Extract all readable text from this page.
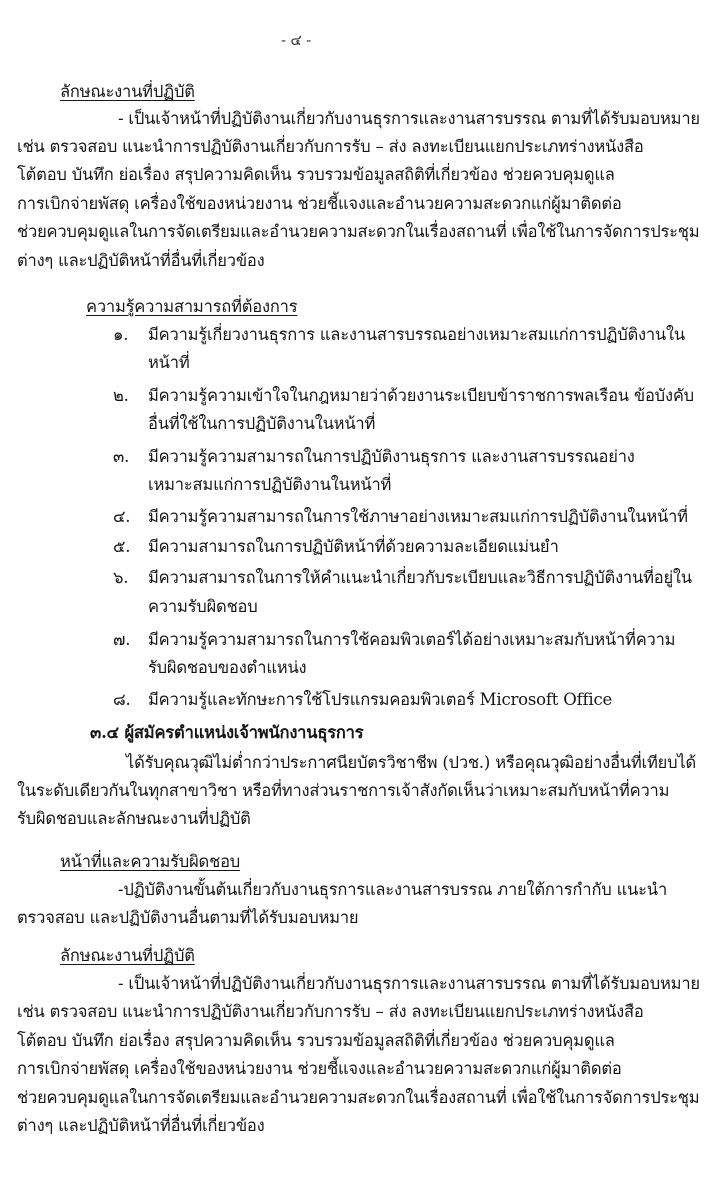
- ๔ -
ลักษณะงานที่ปฏิบัติ
- เป็นเจ้าหน้าที่ปฏิบัติงานเกี่ยวกับงานธุรการและงานสารบรรณ ตามที่ได้รับมอบหมาย
เช่น ตรวจสอบ แนะนำการปฏิบัติงานเกี่ยวกับการรับ – ส่ง ลงทะเบียนแยกประเภทร่างหนังสือ
โต้ตอบ บันทึก ย่อเรื่อง สรุปความคิดเห็น รวบรวมข้อมูลสถิติที่เกี่ยวข้อง ช่วยควบคุมดูแล
การเบิกจ่ายพัสดุ เครื่องใช้ของหน่วยงาน ช่วยชี้แจงและอำนวยความสะดวกแก่ผู้มาติดต่อ
ช่วยควบคุมดูแลในการจัดเตรียมและอำนวยความสะดวกในเรื่องสถานที่ เพื่อใช้ในการจัดการประชุม
ต่างๆ และปฏิบัติหน้าที่อื่นที่เกี่ยวข้อง
ความรู้ความสามารถที่ต้องการ
๑. มีความรู้เกี่ยวงานธุรการ และงานสารบรรณอย่างเหมาะสมแก่การปฏิบัติงานใน
หน้าที่
๒. มีความรู้ความเข้าใจในกฎหมายว่าด้วยงานระเบียบข้าราชการพลเรือน ข้อบังคับ
อื่นที่ใช้ในการปฏิบัติงานในหน้าที่
๓. มีความรู้ความสามารถในการปฏิบัติงานธุรการ และงานสารบรรณอย่าง
เหมาะสมแก่การปฏิบัติงานในหน้าที่
๔. มีความรู้ความสามารถในการใช้ภาษาอย่างเหมาะสมแก่การปฏิบัติงานในหน้าที่
๕. มีความสามารถในการปฏิบัติหน้าที่ด้วยความละเอียดแม่นยำ
๖. มีความสามารถในการให้คำแนะนำเกี่ยวกับระเบียบและวิธีการปฏิบัติงานที่อยู่ใน
ความรับผิดชอบ
๗. มีความรู้ความสามารถในการใช้คอมพิวเตอร์ได้อย่างเหมาะสมกับหน้าที่ความ
รับผิดชอบของตำแหน่ง
๘. มีความรู้และทักษะการใช้โปรแกรมคอมพิวเตอร์ Microsoft Office
๓.๔ ผู้สมัครตำแหน่งเจ้าพนักงานธุรการ
ได้รับคุณวุฒิไม่ต่ำกว่าประกาศนียบัตรวิชาชีพ (ปวช.) หรือคุณวุฒิอย่างอื่นที่เทียบได้
ในระดับเดียวกันในทุกสาขาวิชา หรือที่ทางส่วนราชการเจ้าสังกัดเห็นว่าเหมาะสมกับหน้าที่ความ
รับผิดชอบและลักษณะงานที่ปฏิบัติ
หน้าที่และความรับผิดชอบ
-ปฏิบัติงานขั้นต้นเกี่ยวกับงานธุรการและงานสารบรรณ ภายใต้การกำกับ แนะนำ
ตรวจสอบ และปฏิบัติงานอื่นตามที่ได้รับมอบหมาย
ลักษณะงานที่ปฏิบัติ
- เป็นเจ้าหน้าที่ปฏิบัติงานเกี่ยวกับงานธุรการและงานสารบรรณ ตามที่ได้รับมอบหมาย
เช่น ตรวจสอบ แนะนำการปฏิบัติงานเกี่ยวกับการรับ – ส่ง ลงทะเบียนแยกประเภทร่างหนังสือ
โต้ตอบ บันทึก ย่อเรื่อง สรุปความคิดเห็น รวบรวมข้อมูลสถิติที่เกี่ยวข้อง ช่วยควบคุมดูแล
การเบิกจ่ายพัสดุ เครื่องใช้ของหน่วยงาน ช่วยชี้แจงและอำนวยความสะดวกแก่ผู้มาติดต่อ
ช่วยควบคุมดูแลในการจัดเตรียมและอำนวยความสะดวกในเรื่องสถานที่ เพื่อใช้ในการจัดการประชุม
ต่างๆ และปฏิบัติหน้าที่อื่นที่เกี่ยวข้อง
